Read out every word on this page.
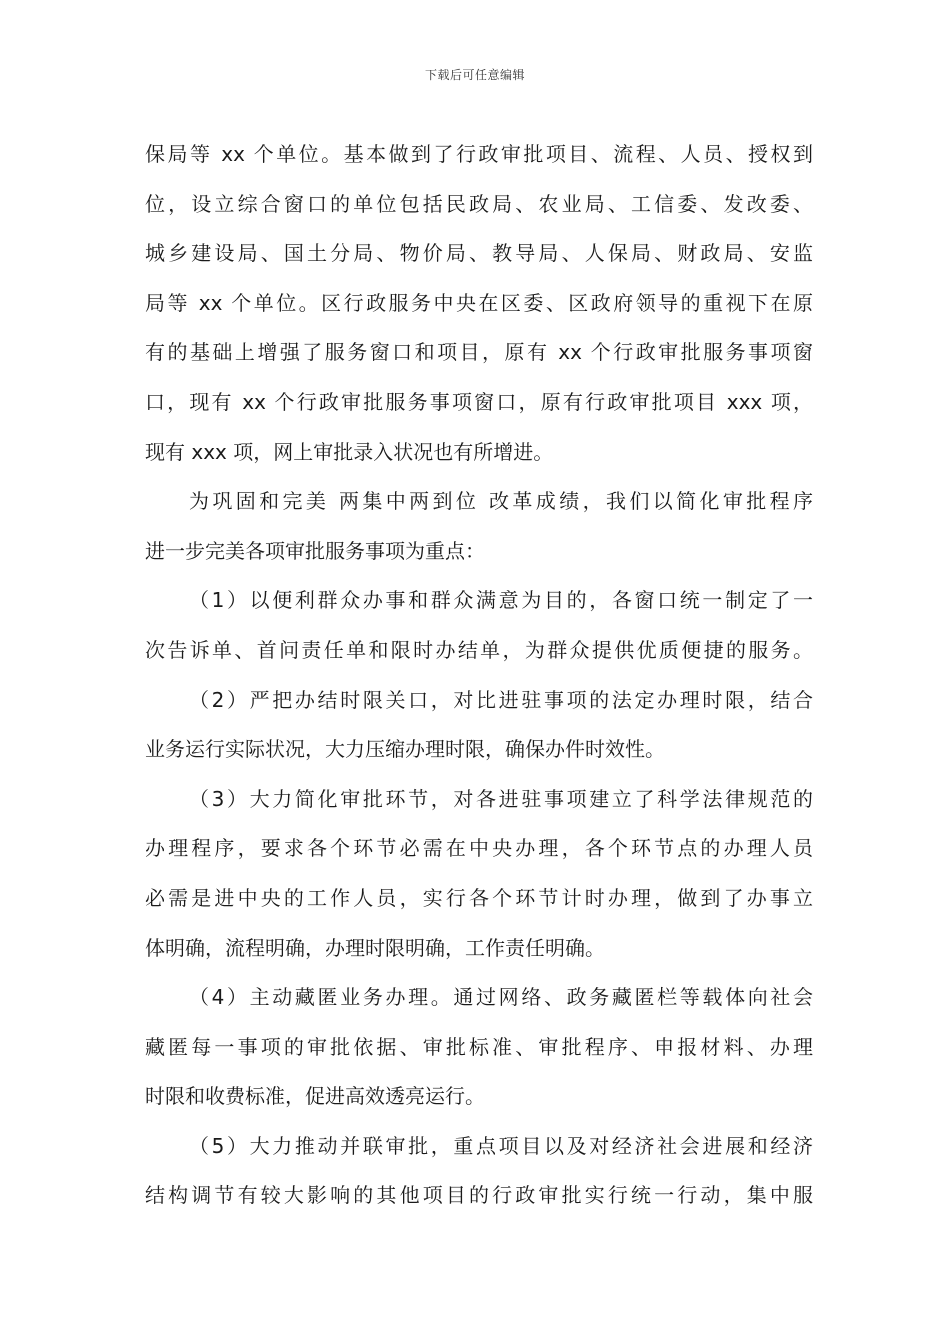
下载后可任意编辑
保局等 xx 个单位。基本做到了行政审批项目、流程、人员、授权到
位，设立综合窗口的单位包括民政局、农业局、工信委、发改委、
城乡建设局、国土分局、物价局、教导局、人保局、财政局、安监
局等 xx 个单位。区行政服务中央在区委、区政府领导的重视下在原
有的基础上增强了服务窗口和项目，原有 xx 个行政审批服务事项窗
口，现有 xx 个行政审批服务事项窗口，原有行政审批项目 xxx 项，
现有 xxx 项，网上审批录入状况也有所增进。
为巩固和完美 两集中两到位 改革成绩，我们以简化审批程序
进一步完美各项审批服务事项为重点：
（1）以便利群众办事和群众满意为目的，各窗口统一制定了一
次告诉单、首问责任单和限时办结单，为群众提供优质便捷的服务。
（2）严把办结时限关口，对比进驻事项的法定办理时限，结合
业务运行实际状况，大力压缩办理时限，确保办件时效性。
（3）大力简化审批环节，对各进驻事项建立了科学法律规范的
办理程序，要求各个环节必需在中央办理，各个环节点的办理人员
必需是进中央的工作人员，实行各个环节计时办理，做到了办事立
体明确，流程明确，办理时限明确，工作责任明确。
（4）主动藏匿业务办理。通过网络、政务藏匿栏等载体向社会
藏匿每一事项的审批依据、审批标准、审批程序、申报材料、办理
时限和收费标准，促进高效透亮运行。
（5）大力推动并联审批，重点项目以及对经济社会进展和经济
结构调节有较大影响的其他项目的行政审批实行统一行动，集中服
